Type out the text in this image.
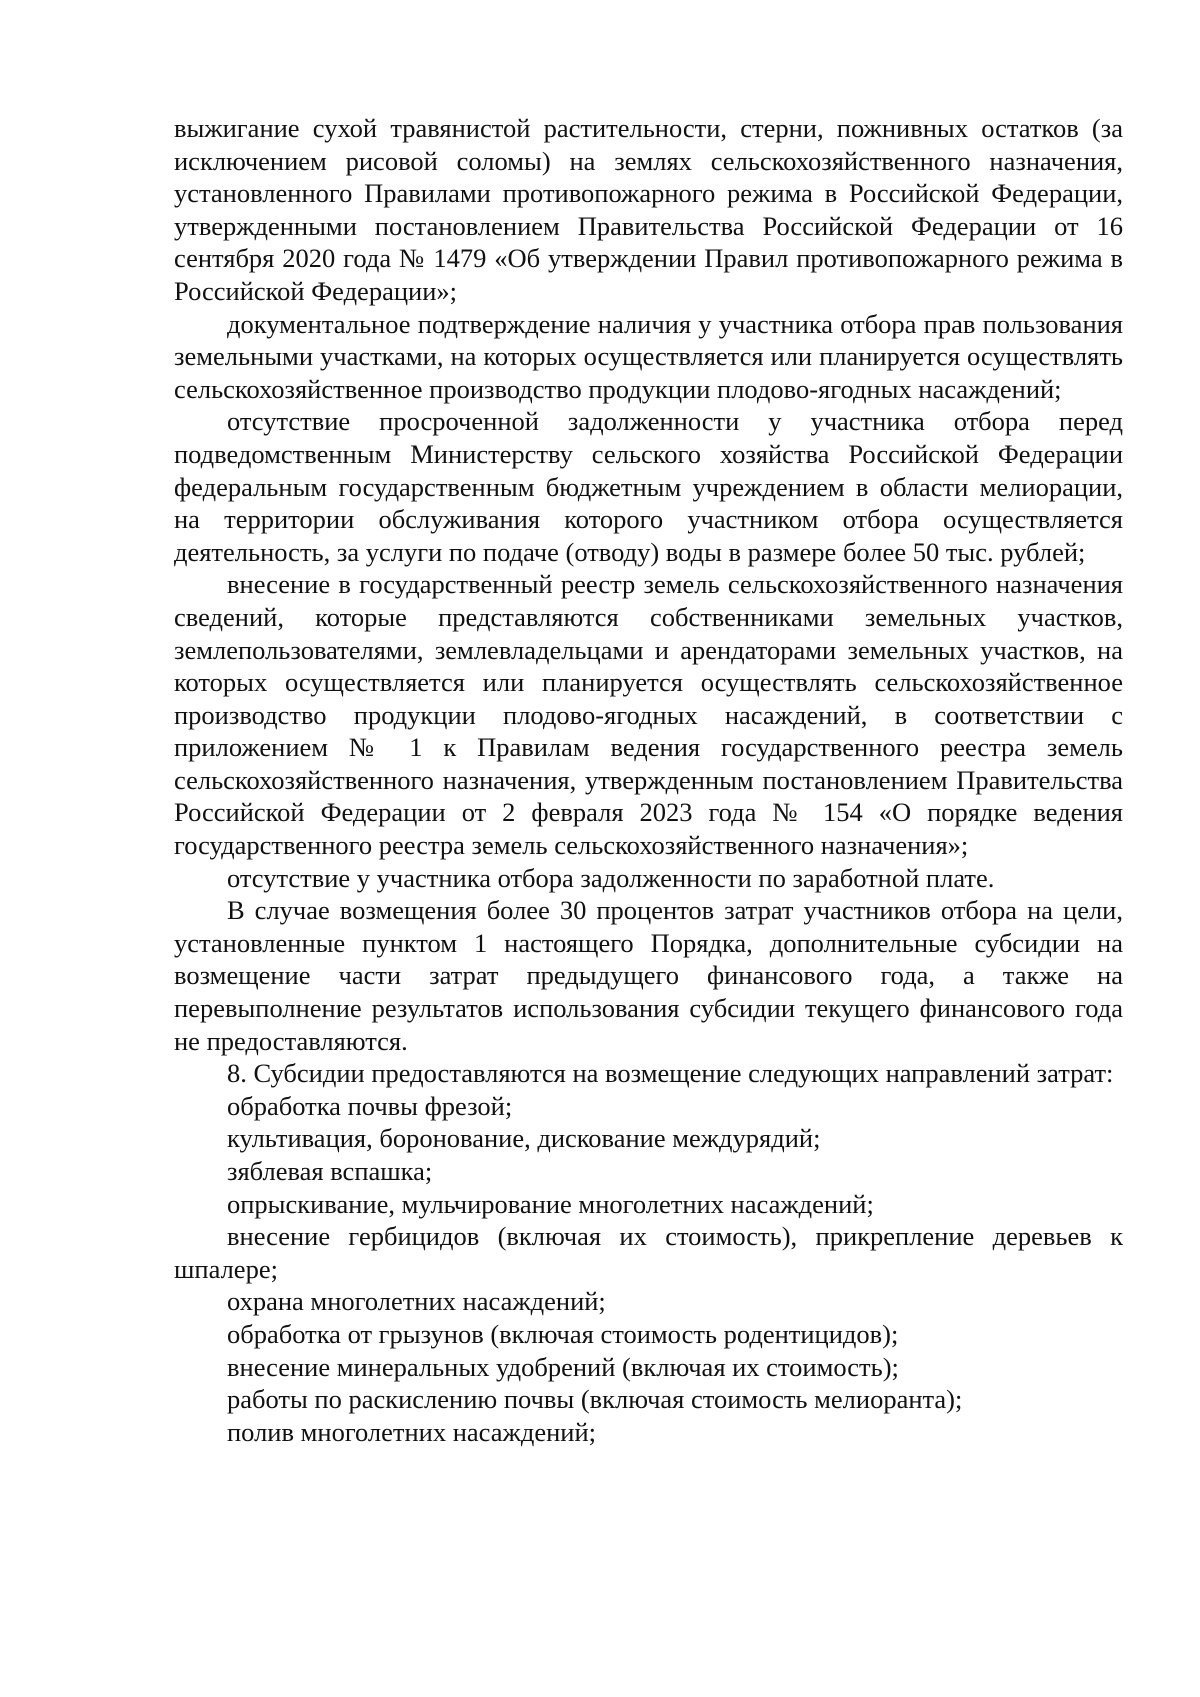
выжигание сухой травянистой растительности, стерни, пожнивных остатков (за исключением рисовой соломы) на землях сельскохозяйственного назначения, установленного Правилами противопожарного режима в Российской Федерации, утвержденными постановлением Правительства Российской Федерации от 16 сентября 2020 года № 1479 «Об утверждении Правил противопожарного режима в Российской Федерации»;

документальное подтверждение наличия у участника отбора прав пользования земельными участками, на которых осуществляется или планируется осуществлять сельскохозяйственное производство продукции плодово-ягодных насаждений;

отсутствие просроченной задолженности у участника отбора перед подведомственным Министерству сельского хозяйства Российской Федерации федеральным государственным бюджетным учреждением в области мелиорации, на территории обслуживания которого участником отбора осуществляется деятельность, за услуги по подаче (отводу) воды в размере более 50 тыс. рублей;

внесение в государственный реестр земель сельскохозяйственного назначения сведений, которые представляются собственниками земельных участков, землепользователями, землевладельцами и арендаторами земельных участков, на которых осуществляется или планируется осуществлять сельскохозяйственное производство продукции плодово-ягодных насаждений, в соответствии с приложением № 1 к Правилам ведения государственного реестра земель сельскохозяйственного назначения, утвержденным постановлением Правительства Российской Федерации от 2 февраля 2023 года № 154 «О порядке ведения государственного реестра земель сельскохозяйственного назначения»;

отсутствие у участника отбора задолженности по заработной плате.

В случае возмещения более 30 процентов затрат участников отбора на цели, установленные пунктом 1 настоящего Порядка, дополнительные субсидии на возмещение части затрат предыдущего финансового года, а также на перевыполнение результатов использования субсидии текущего финансового года не предоставляются.

8. Субсидии предоставляются на возмещение следующих направлений затрат:

обработка почвы фрезой;

культивация, боронование, дискование междурядий;

зяблевая вспашка;

опрыскивание, мульчирование многолетних насаждений;

внесение гербицидов (включая их стоимость), прикрепление деревьев к шпалере;

охрана многолетних насаждений;

обработка от грызунов (включая стоимость родентицидов);

внесение минеральных удобрений (включая их стоимость);

работы по раскислению почвы (включая стоимость мелиоранта);

полив многолетних насаждений;
